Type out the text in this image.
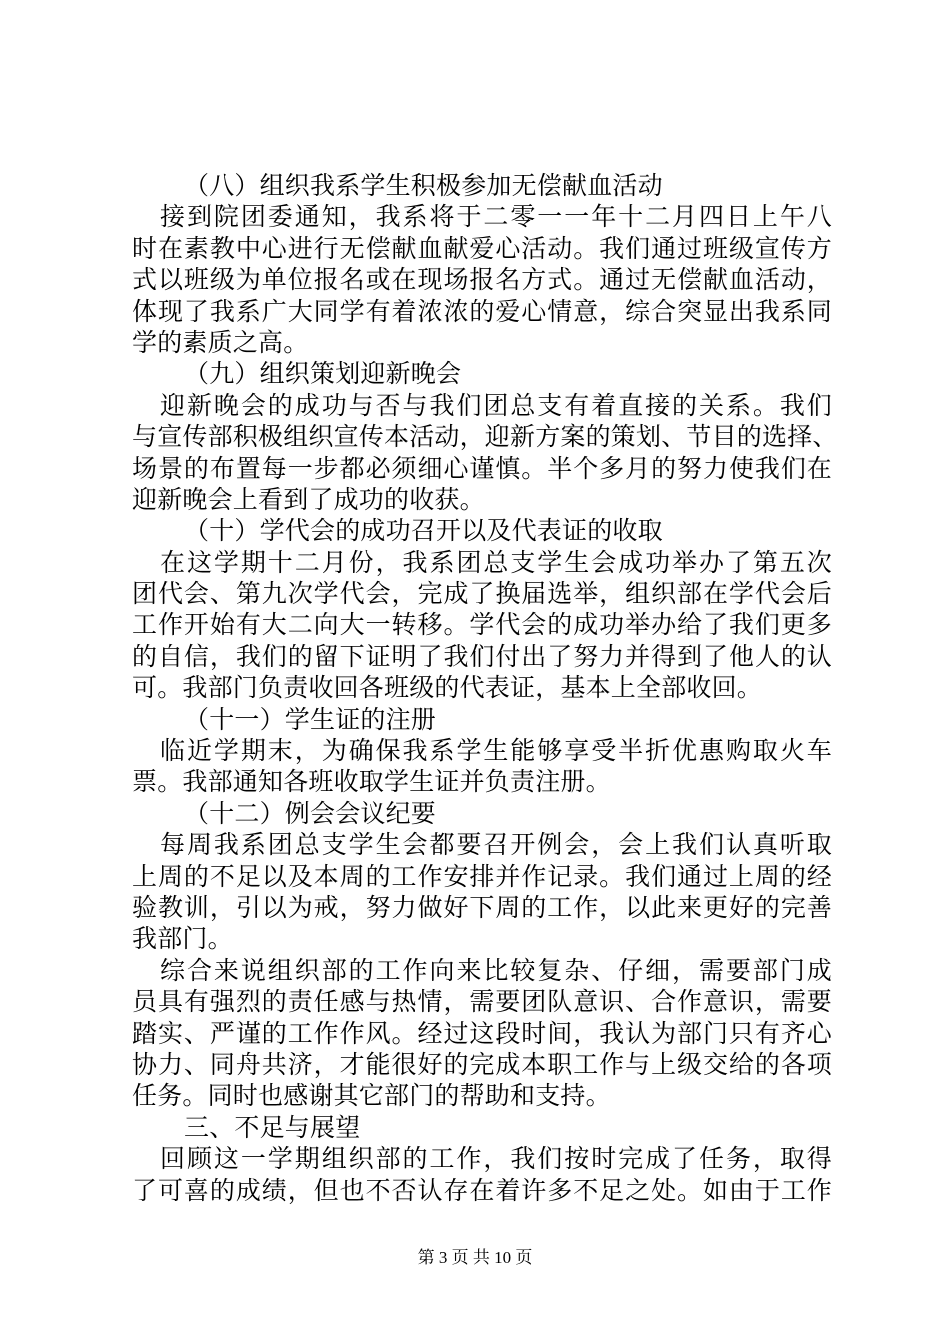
（八）组织我系学生积极参加无偿献血活动
接到院团委通知，我系将于二零一一年十二月四日上午八
时在素教中心进行无偿献血献爱心活动。我们通过班级宣传方
式以班级为单位报名或在现场报名方式。通过无偿献血活动，
体现了我系广大同学有着浓浓的爱心情意，综合突显出我系同
学的素质之高。
（九）组织策划迎新晚会
迎新晚会的成功与否与我们团总支有着直接的关系。我们
与宣传部积极组织宣传本活动，迎新方案的策划、节目的选择、
场景的布置每一步都必须细心谨慎。半个多月的努力使我们在
迎新晚会上看到了成功的收获。
（十）学代会的成功召开以及代表证的收取
在这学期十二月份，我系团总支学生会成功举办了第五次
团代会、第九次学代会，完成了换届选举，组织部在学代会后
工作开始有大二向大一转移。学代会的成功举办给了我们更多
的自信，我们的留下证明了我们付出了努力并得到了他人的认
可。我部门负责收回各班级的代表证，基本上全部收回。
（十一）学生证的注册
临近学期末，为确保我系学生能够享受半折优惠购取火车
票。我部通知各班收取学生证并负责注册。
（十二）例会会议纪要
每周我系团总支学生会都要召开例会，会上我们认真听取
上周的不足以及本周的工作安排并作记录。我们通过上周的经
验教训，引以为戒，努力做好下周的工作，以此来更好的完善
我部门。
综合来说组织部的工作向来比较复杂、仔细，需要部门成
员具有强烈的责任感与热情，需要团队意识、合作意识，需要
踏实、严谨的工作作风。经过这段时间，我认为部门只有齐心
协力、同舟共济，才能很好的完成本职工作与上级交给的各项
任务。同时也感谢其它部门的帮助和支持。
三、不足与展望
回顾这一学期组织部的工作，我们按时完成了任务，取得
了可喜的成绩，但也不否认存在着许多不足之处。如由于工作
第 3 页 共 10 页
